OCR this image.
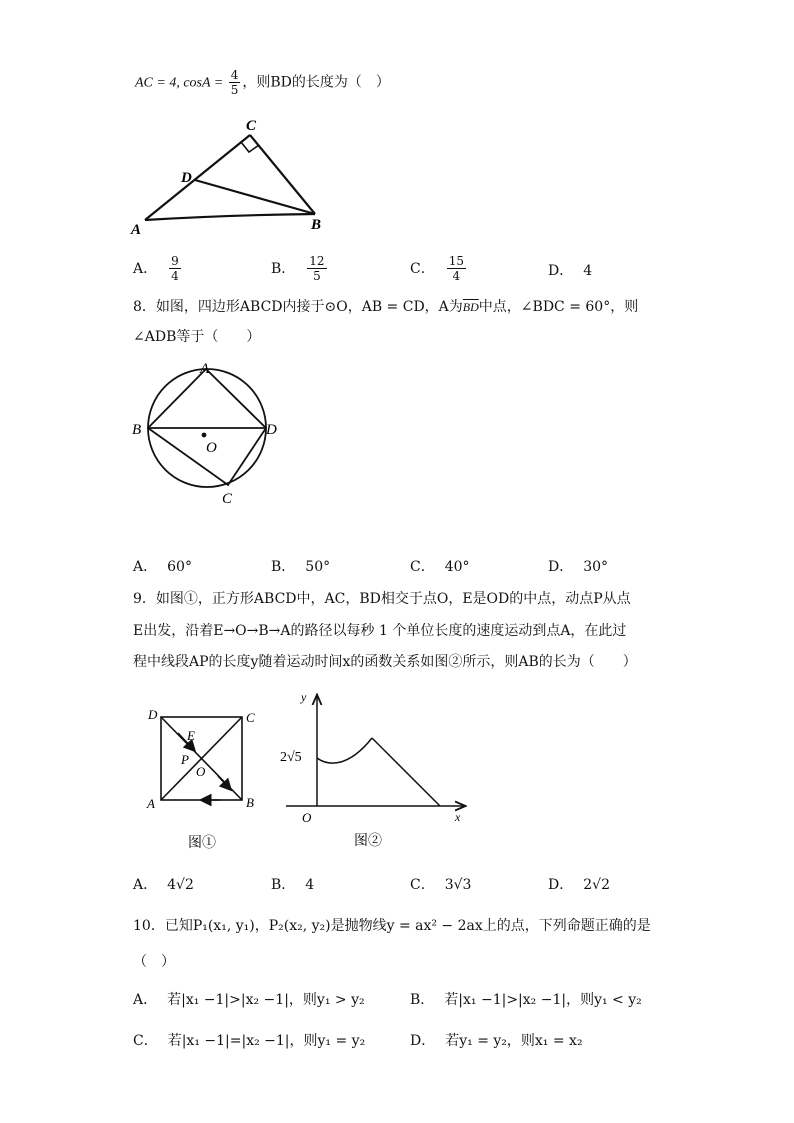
AC = 4, $\cos A = \frac{4}{5}$ ，则BD的长度为（　）
C
D
A	B
A． $\frac{9}{4}$	B． $\frac{12}{5}$	C． $\frac{15}{4}$	D． 4
8．如图，四边形ABCD内接于⊙O，AB = CD，A为$\overline{BD}$中点，∠BDC = 60°，则
∠ADB等于（　　）
A
B	D
O
C
A． 60°	B． 50°	C． 40°	D． 30°
9．如图①，正方形ABCD中，AC，BD相交于点O，E是OD的中点，动点P从点
E出发，沿着E→O→B→A的路径以每秒 1 个单位长度的速度运动到点A，在此过
程中线段AP的长度y随着运动时间x的函数关系如图②所示，则AB的长为（　　）
D	C
E
P
O
A	B
图①
y
2√5
O	x
图②
A． 4√2	B． 4	C． 3√3	D． 2√2
10．已知P₁(x₁, y₁)，P₂(x₂, y₂)是抛物线y = ax² − 2ax上的点，下列命题正确的是
（　）
A． 若|x₁ −1|>|x₂ −1|，则y₁ > y₂	B． 若|x₁ −1|>|x₂ −1|，则y₁ < y₂
C． 若|x₁ −1|=|x₂ −1|，则y₁ = y₂	D． 若y₁ = y₂，则x₁ = x₂
